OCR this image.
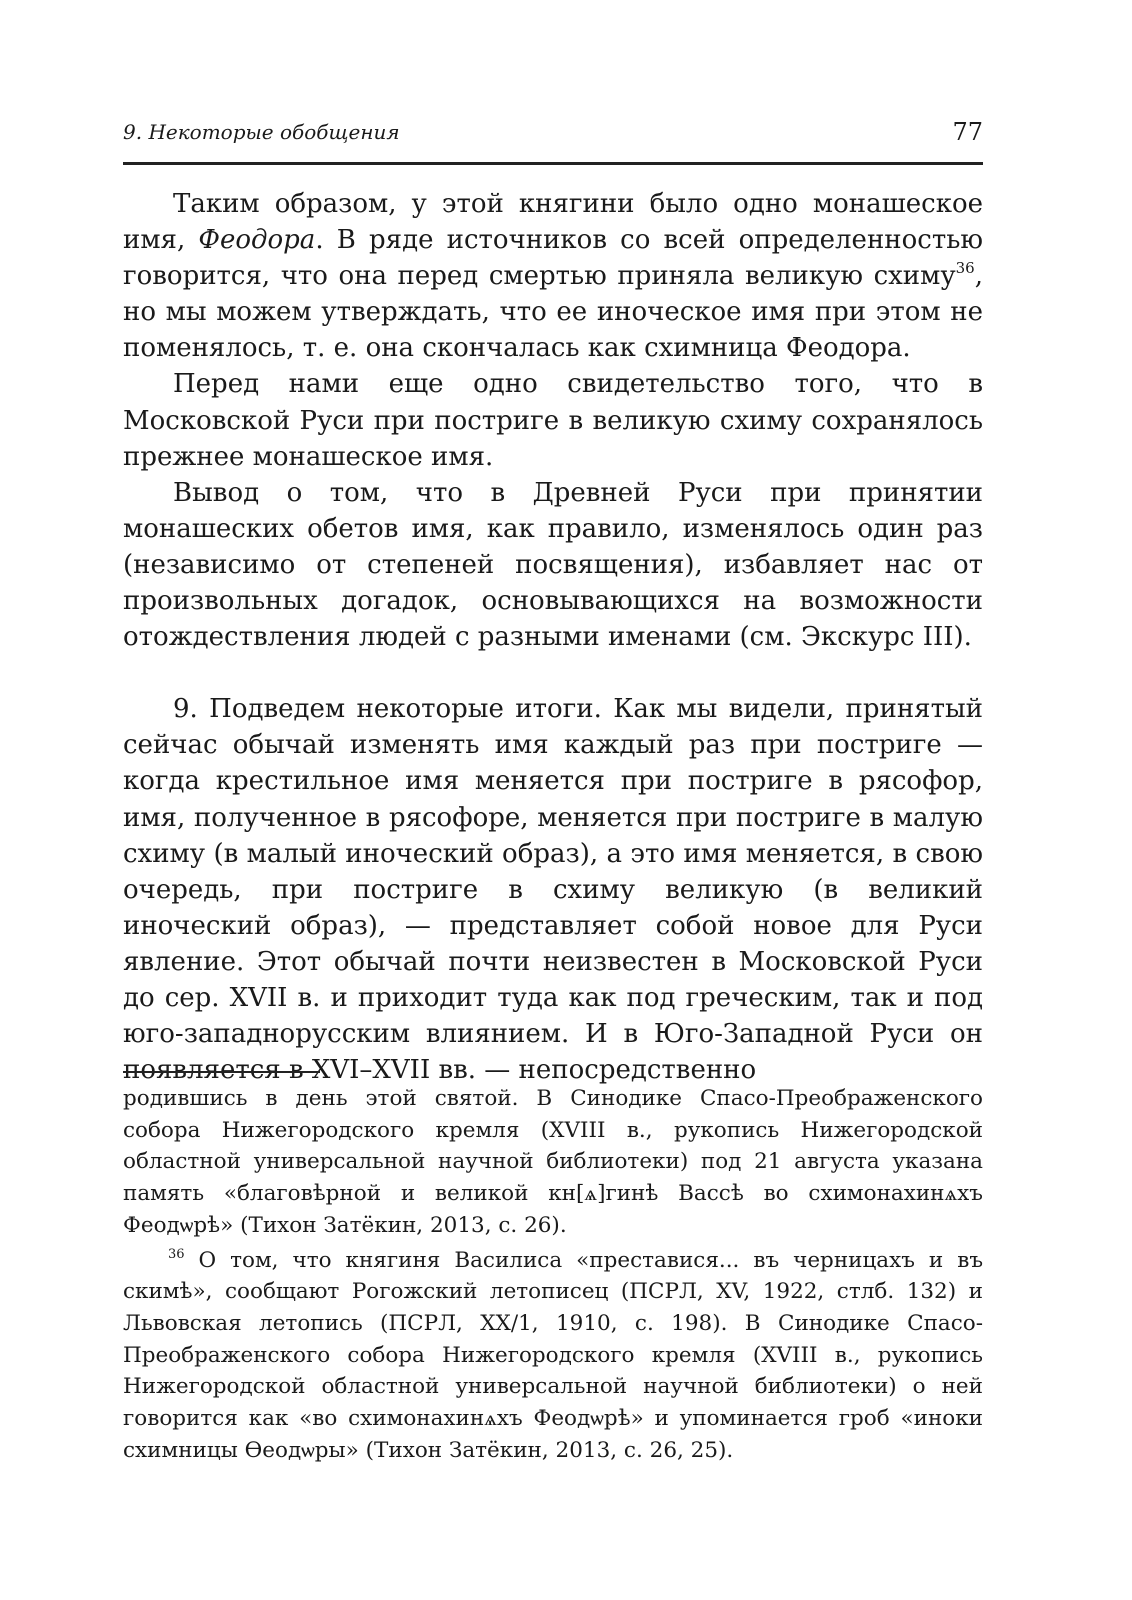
9. Некоторые обобщения	77

Таким образом, у этой княгини было одно монашеское имя, Феодора. В ряде источников со всей определенностью говорится, что она перед смертью приняла великую схиму$^{36}$, но мы можем утверждать, что ее иноческое имя при этом не поменялось, т. е. она скончалась как схимница Феодора.

Перед нами еще одно свидетельство того, что в Московской Руси при постриге в великую схиму сохранялось прежнее монашеское имя.

Вывод о том, что в Древней Руси при принятии монашеских обетов имя, как правило, изменялось один раз (независимо от степеней посвящения), избавляет нас от произвольных догадок, основывающихся на возможности отождествления людей с разными именами (см. Экскурс III).

9. Подведем некоторые итоги. Как мы видели, принятый сейчас обычай изменять имя каждый раз при постриге — когда крестильное имя меняется при постриге в рясофор, имя, полученное в рясофоре, меняется при постриге в малую схиму (в малый иноческий образ), а это имя меняется, в свою очередь, при постриге в схиму великую (в великий иноческий образ), — представляет собой новое для Руси явление. Этот обычай почти неизвестен в Московской Руси до сер. XVII в. и приходит туда как под греческим, так и под юго-западнорусским влиянием. И в Юго-Западной Руси он появляется в XVI–XVII вв. — непосредственно

родившись в день этой святой. В Синодике Спасо-Преображенского собора Нижегородского кремля (XVIII в., рукопись Нижегородской областной универсальной научной библиотеки) под 21 августа указана память «благовѣрной и великой кн[ѧ]гинѣ Вассѣ во схимонахинѧхъ Феодѡрѣ» (Тихон Затёкин, 2013, с. 26).

$^{36}$ О том, что княгиня Василиса «преставися... въ черницахъ и въ скимѣ», сообщают Рогожский летописец (ПСРЛ, XV, 1922, стлб. 132) и Львовская летопись (ПСРЛ, XX/1, 1910, с. 198). В Синодике Спасо-Преображенского собора Нижегородского кремля (XVIII в., рукопись Нижегородской областной универсальной научной библиотеки) о ней говорится как «во схимонахинѧхъ Феодѡрѣ» и упоминается гроб «иноки схимницы Ѳеодѡры» (Тихон Затёкин, 2013, с. 26, 25).
